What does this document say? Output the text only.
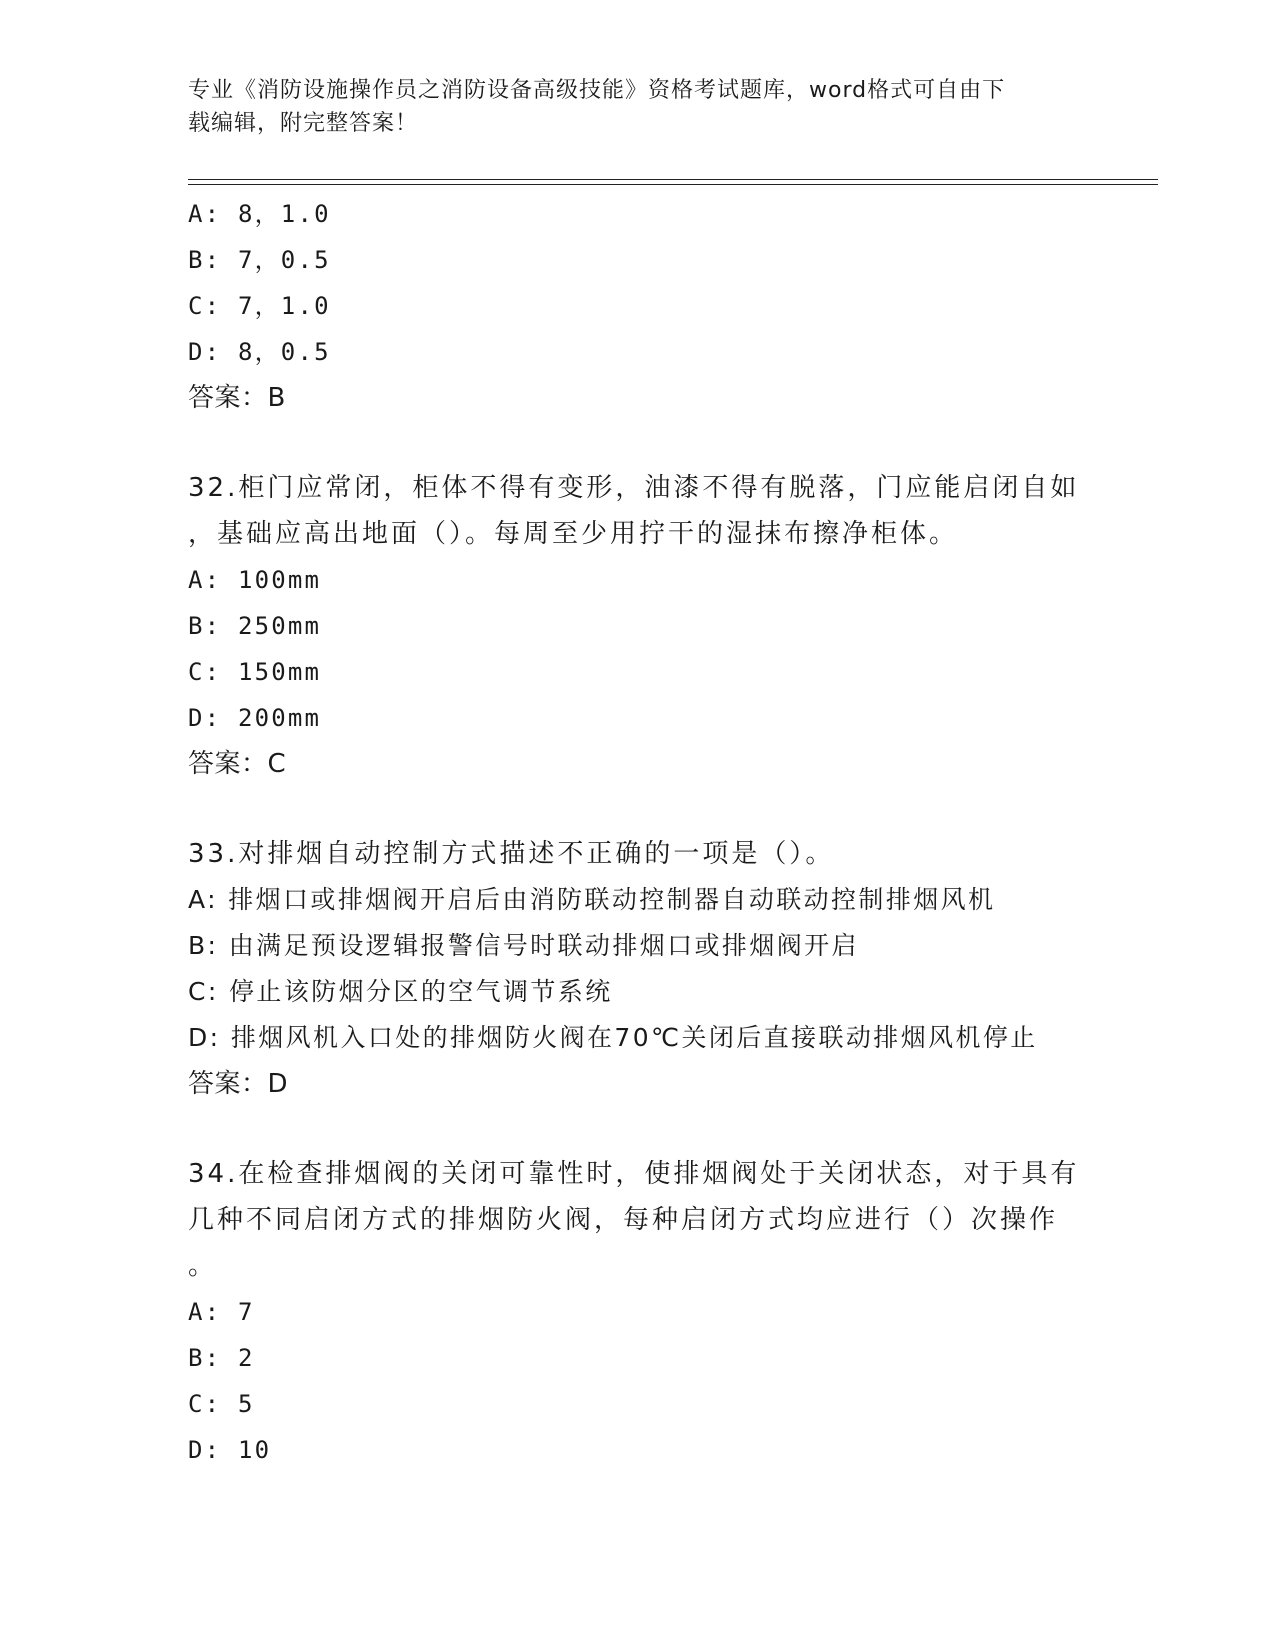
专业《消防设施操作员之消防设备高级技能》资格考试题库，word格式可自由下
载编辑，附完整答案！
A: 8，1.0
B: 7，0.5
C: 7，1.0
D: 8，0.5
答案：B
32.柜门应常闭，柜体不得有变形，油漆不得有脱落，门应能启闭自如
，基础应高出地面（）。每周至少用拧干的湿抹布擦净柜体。
A: 100mm
B: 250mm
C: 150mm
D: 200mm
答案：C
33.对排烟自动控制方式描述不正确的一项是（）。
A: 排烟口或排烟阀开启后由消防联动控制器自动联动控制排烟风机
B: 由满足预设逻辑报警信号时联动排烟口或排烟阀开启
C: 停止该防烟分区的空气调节系统
D: 排烟风机入口处的排烟防火阀在70℃关闭后直接联动排烟风机停止
答案：D
34.在检查排烟阀的关闭可靠性时，使排烟阀处于关闭状态，对于具有
几种不同启闭方式的排烟防火阀，每种启闭方式均应进行（）次操作
。
A: 7
B: 2
C: 5
D: 10
